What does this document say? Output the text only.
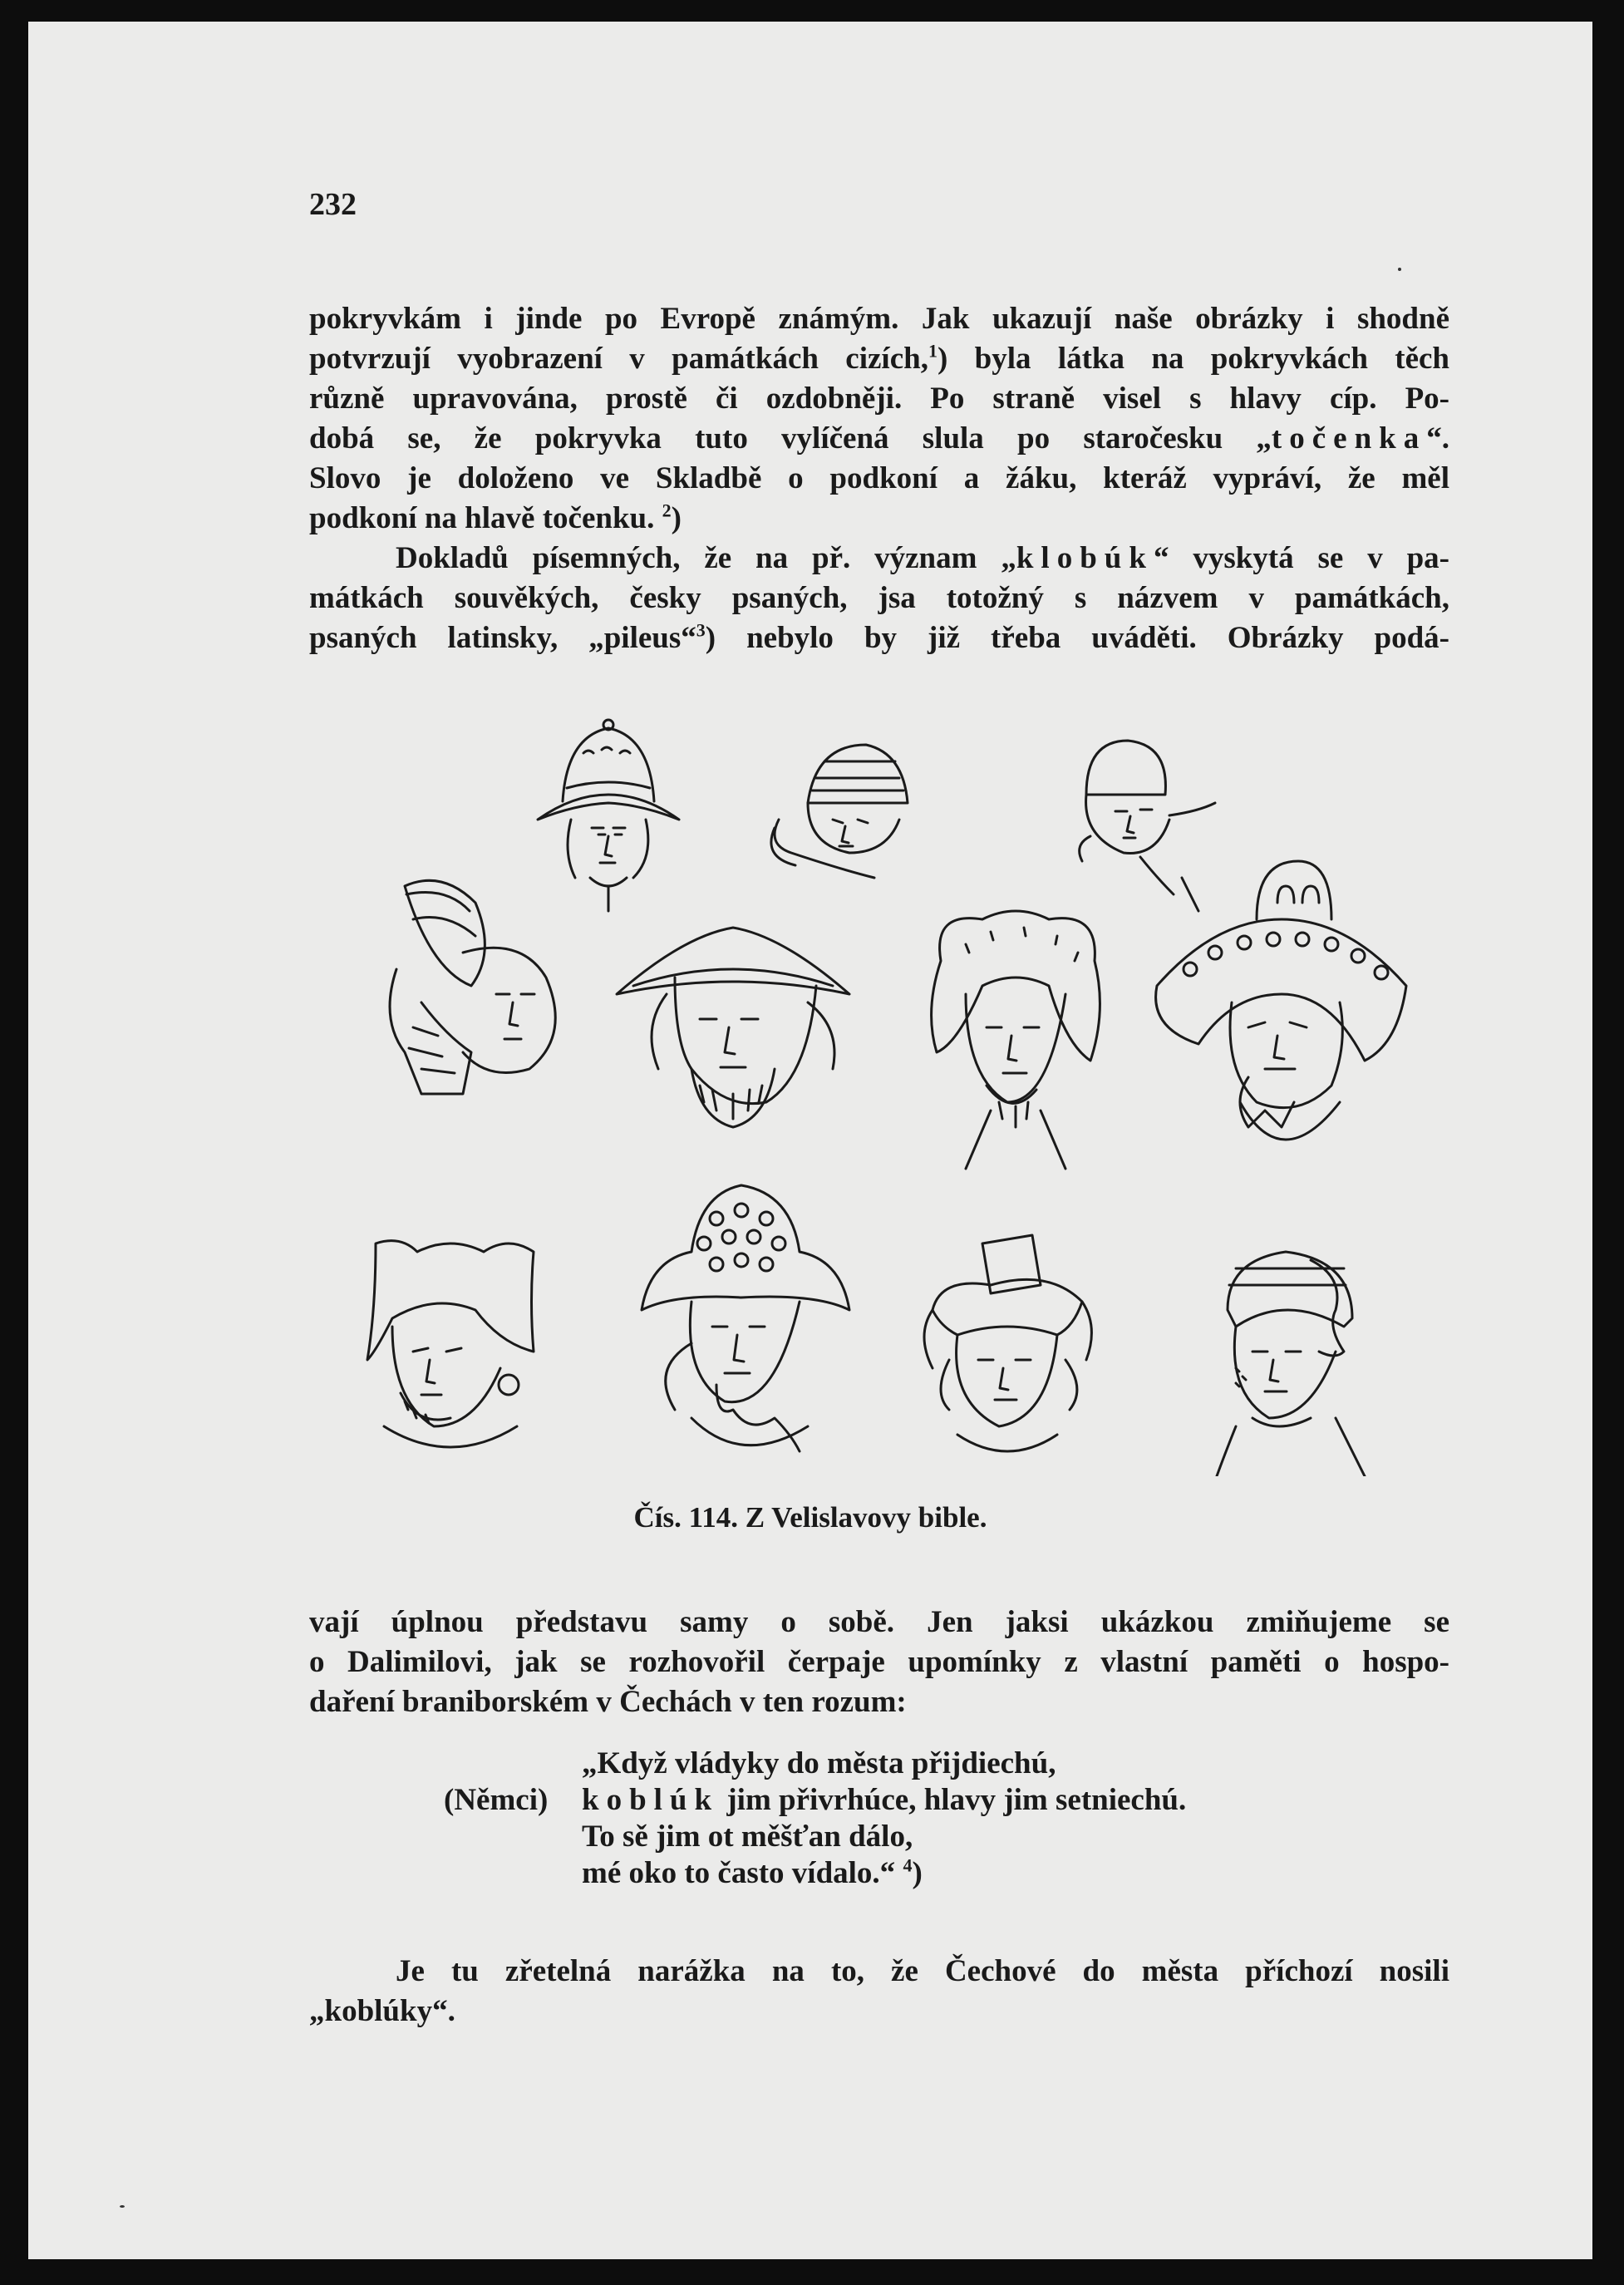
232
pokryvkám i jinde po Evropě známým. Jak ukazují naše obrázky i shodně
potvrzují vyobrazení v památkách cizích,$^1$) byla látka na pokryvkách těch
různě upravována, prostě či ozdobněji. Po straně visel s hlavy cíp. Po-
dobá se, že pokryvka tuto vylíčená slula po staročesku „točenka“.
Slovo je doloženo ve Skladbě o podkoní a žáku, kteráž vypráví, že měl
podkoní na hlavě točenku. $^2$)
Dokladů písemných, že na př. význam „klobúk“ vyskytá se v pa-
mátkách souvěkých, česky psaných, jsa totožný s názvem v památkách,
psaných latinsky, „pileus“$^3$) nebylo by již třeba uváděti. Obrázky podá-
Čís. 114. Z Velislavovy bible.
vají úplnou představu samy o sobě. Jen jaksi ukázkou zmiňujeme se
o Dalimilovi, jak se rozhovořil čerpaje upomínky z vlastní paměti o hospo-
daření braniborském v Čechách v ten rozum:
„Když vládyky do města přijdiechú,
(Němci) koblúk jim přivrhúce, hlavy jim setniechú.
To sě jim ot měšťan dálo,
mé oko to často vídalo.“ $^4$)
Je tu zřetelná narážka na to, že Čechové do města příchozí nosili
„koblúky“.
